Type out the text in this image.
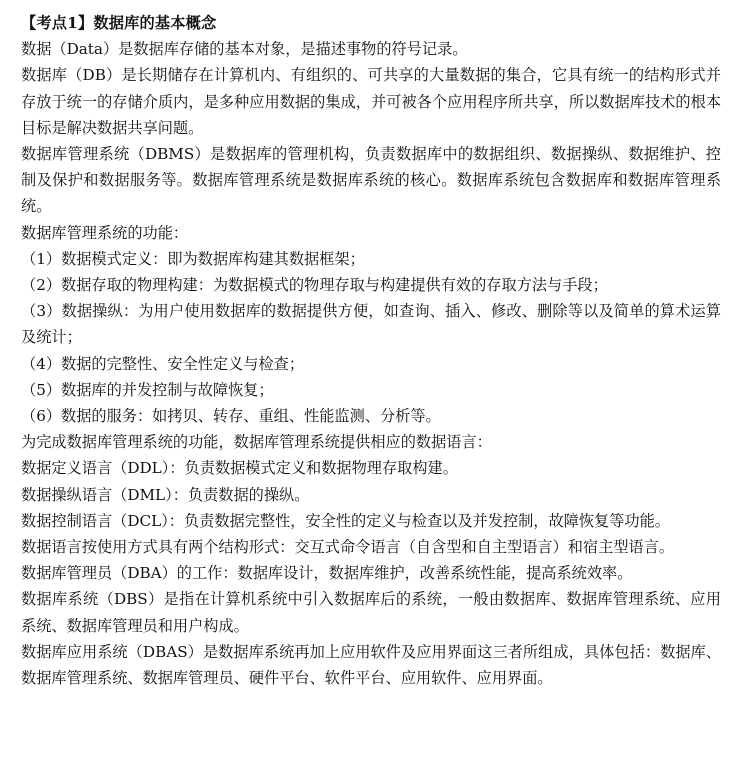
【考点1】数据库的基本概念

数据（Data）是数据库存储的基本对象，是描述事物的符号记录。

数据库（DB）是长期储存在计算机内、有组织的、可共享的大量数据的集合，它具有统一的结构形式并存放于统一的存储介质内，是多种应用数据的集成，并可被各个应用程序所共享，所以数据库技术的根本目标是解决数据共享问题。

数据库管理系统（DBMS）是数据库的管理机构，负责数据库中的数据组织、数据操纵、数据维护、控制及保护和数据服务等。数据库管理系统是数据库系统的核心。数据库系统包含数据库和数据库管理系统。

数据库管理系统的功能：

（1）数据模式定义：即为数据库构建其数据框架；

（2）数据存取的物理构建：为数据模式的物理存取与构建提供有效的存取方法与手段；

（3）数据操纵：为用户使用数据库的数据提供方便，如查询、插入、修改、删除等以及简单的算术运算及统计；

（4）数据的完整性、安全性定义与检查；

（5）数据库的并发控制与故障恢复；

（6）数据的服务：如拷贝、转存、重组、性能监测、分析等。

为完成数据库管理系统的功能，数据库管理系统提供相应的数据语言：

数据定义语言（DDL）：负责数据模式定义和数据物理存取构建。

数据操纵语言（DML）：负责数据的操纵。

数据控制语言（DCL）：负责数据完整性，安全性的定义与检查以及并发控制，故障恢复等功能。

数据语言按使用方式具有两个结构形式：交互式命令语言（自含型和自主型语言）和宿主型语言。

数据库管理员（DBA）的工作：数据库设计，数据库维护，改善系统性能，提高系统效率。

数据库系统（DBS）是指在计算机系统中引入数据库后的系统，一般由数据库、数据库管理系统、应用系统、数据库管理员和用户构成。

数据库应用系统（DBAS）是数据库系统再加上应用软件及应用界面这三者所组成，具体包括：数据库、数据库管理系统、数据库管理员、硬件平台、软件平台、应用软件、应用界面。
